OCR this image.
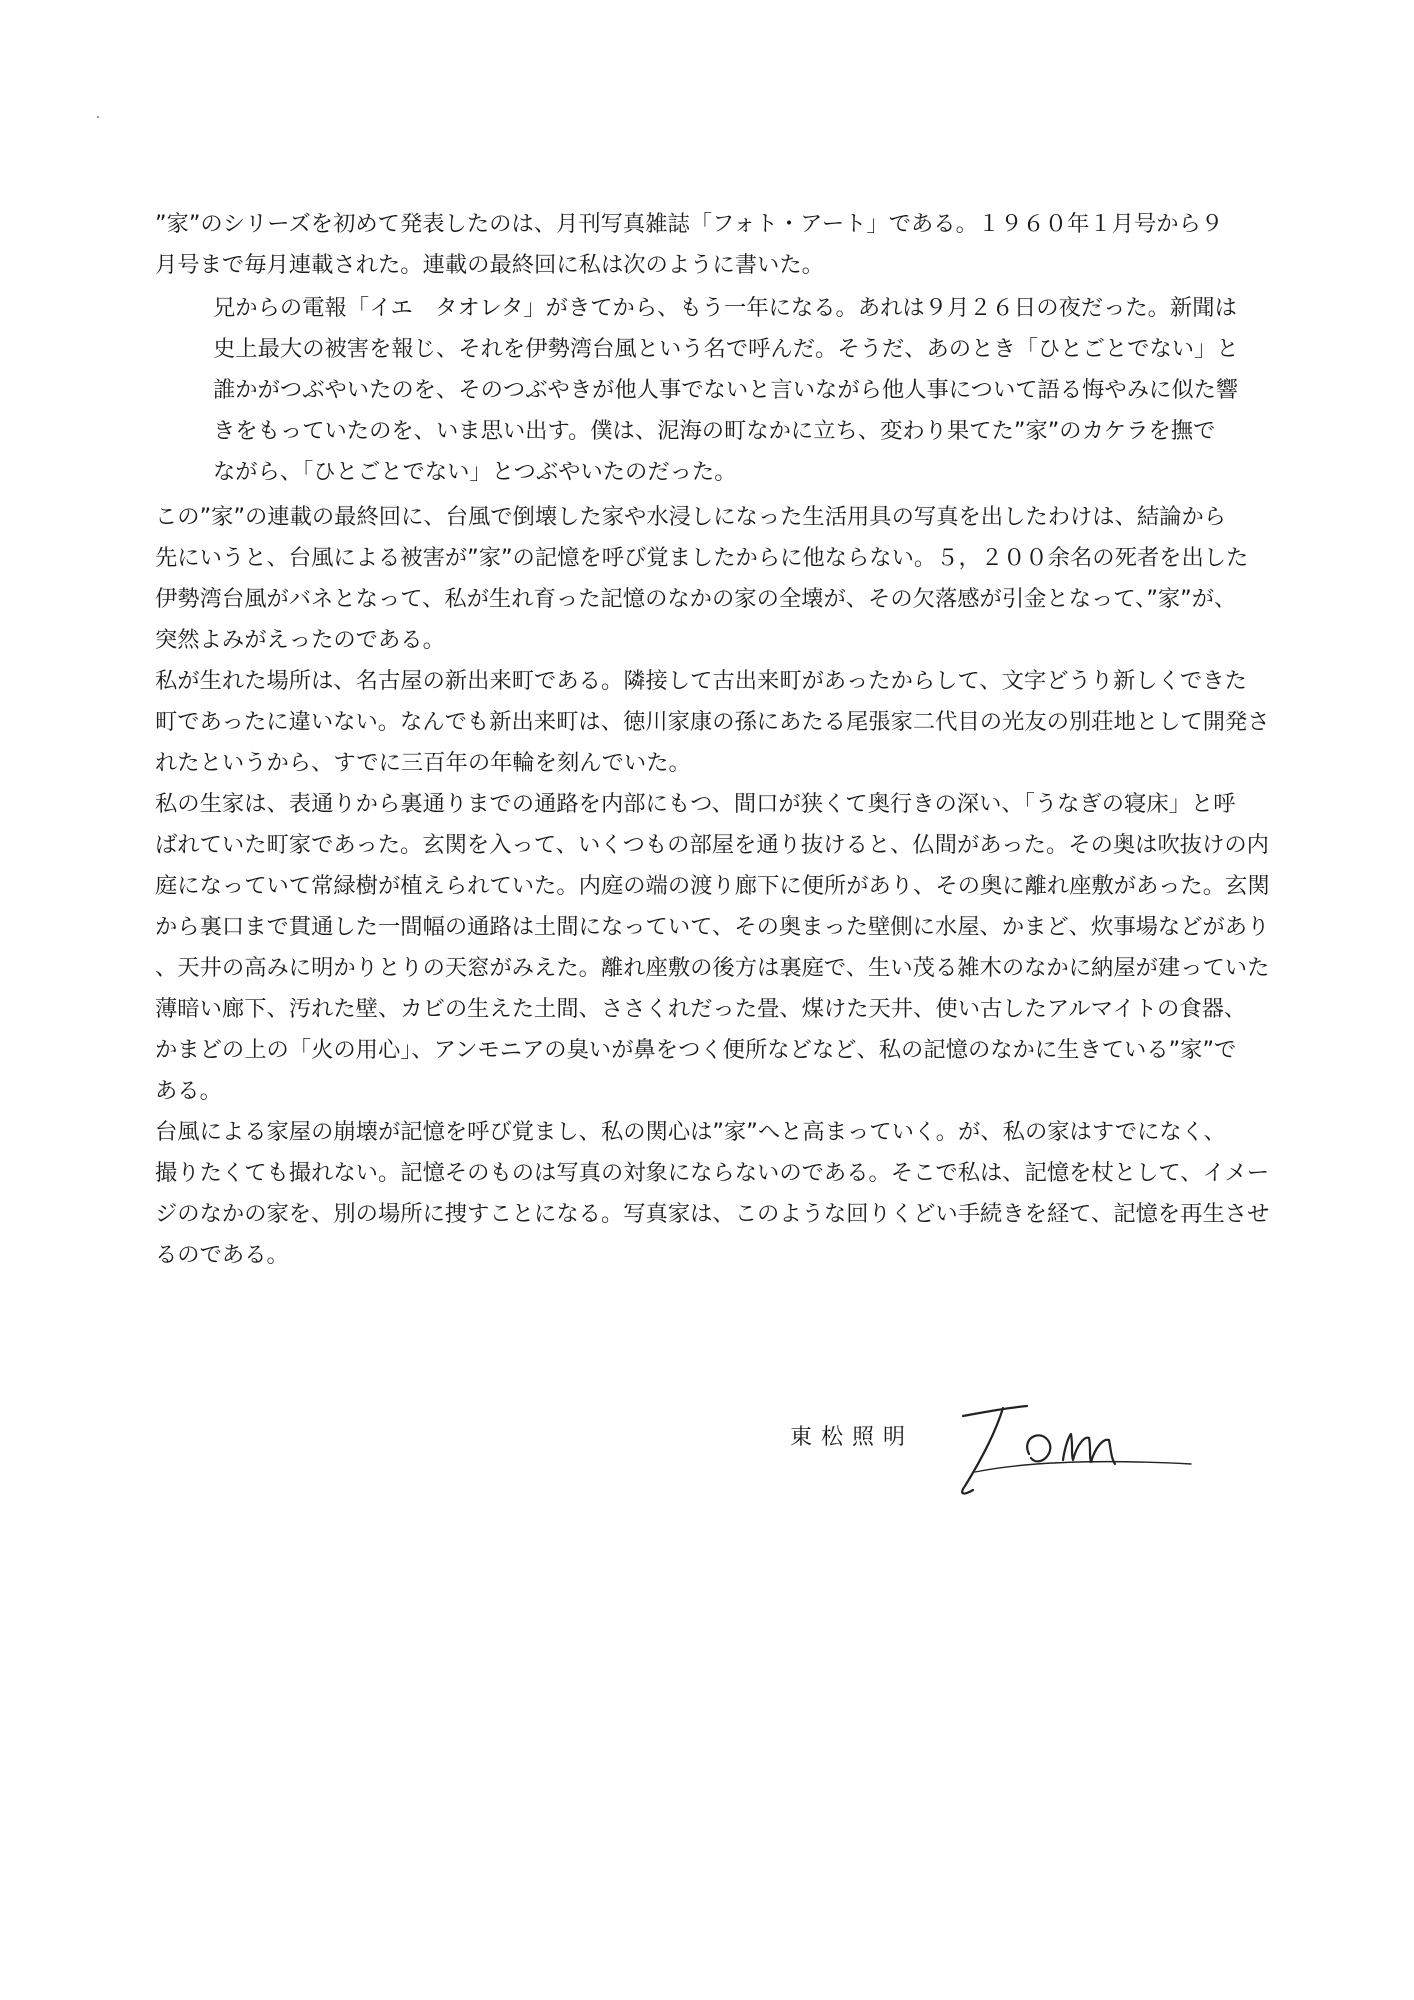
”家”のシリーズを初めて発表したのは、月刊写真雑誌「フォト・アート」である。１９６０年１月号から９
月号まで毎月連載された。連載の最終回に私は次のように書いた。
兄からの電報「イエ　タオレタ」がきてから、もう一年になる。あれは９月２６日の夜だった。新聞は
史上最大の被害を報じ、それを伊勢湾台風という名で呼んだ。そうだ、あのとき「ひとごとでない」と
誰かがつぶやいたのを、そのつぶやきが他人事でないと言いながら他人事について語る悔やみに似た響
きをもっていたのを、いま思い出す。僕は、泥海の町なかに立ち、変わり果てた”家”のカケラを撫で
ながら、「ひとごとでない」とつぶやいたのだった。
この”家”の連載の最終回に、台風で倒壊した家や水浸しになった生活用具の写真を出したわけは、結論から
先にいうと、台風による被害が”家”の記憶を呼び覚ましたからに他ならない。５，２００余名の死者を出した
伊勢湾台風がバネとなって、私が生れ育った記憶のなかの家の全壊が、その欠落感が引金となって、”家”が、
突然よみがえったのである。
私が生れた場所は、名古屋の新出来町である。隣接して古出来町があったからして、文字どうり新しくできた
町であったに違いない。なんでも新出来町は、徳川家康の孫にあたる尾張家二代目の光友の別荘地として開発さ
れたというから、すでに三百年の年輪を刻んでいた。
私の生家は、表通りから裏通りまでの通路を内部にもつ、間口が狭くて奥行きの深い、「うなぎの寝床」と呼
ばれていた町家であった。玄関を入って、いくつもの部屋を通り抜けると、仏間があった。その奥は吹抜けの内
庭になっていて常緑樹が植えられていた。内庭の端の渡り廊下に便所があり、その奥に離れ座敷があった。玄関
から裏口まで貫通した一間幅の通路は土間になっていて、その奥まった壁側に水屋、かまど、炊事場などがあり
、天井の高みに明かりとりの天窓がみえた。離れ座敷の後方は裏庭で、生い茂る雑木のなかに納屋が建っていた
薄暗い廊下、汚れた壁、カビの生えた土間、ささくれだった畳、煤けた天井、使い古したアルマイトの食器、
かまどの上の「火の用心」、アンモニアの臭いが鼻をつく便所などなど、私の記憶のなかに生きている”家”で
ある。
台風による家屋の崩壊が記憶を呼び覚まし、私の関心は”家”へと高まっていく。が、私の家はすでになく、
撮りたくても撮れない。記憶そのものは写真の対象にならないのである。そこで私は、記憶を杖として、イメー
ジのなかの家を、別の場所に捜すことになる。写真家は、このような回りくどい手続きを経て、記憶を再生させ
るのである。
東松照明
